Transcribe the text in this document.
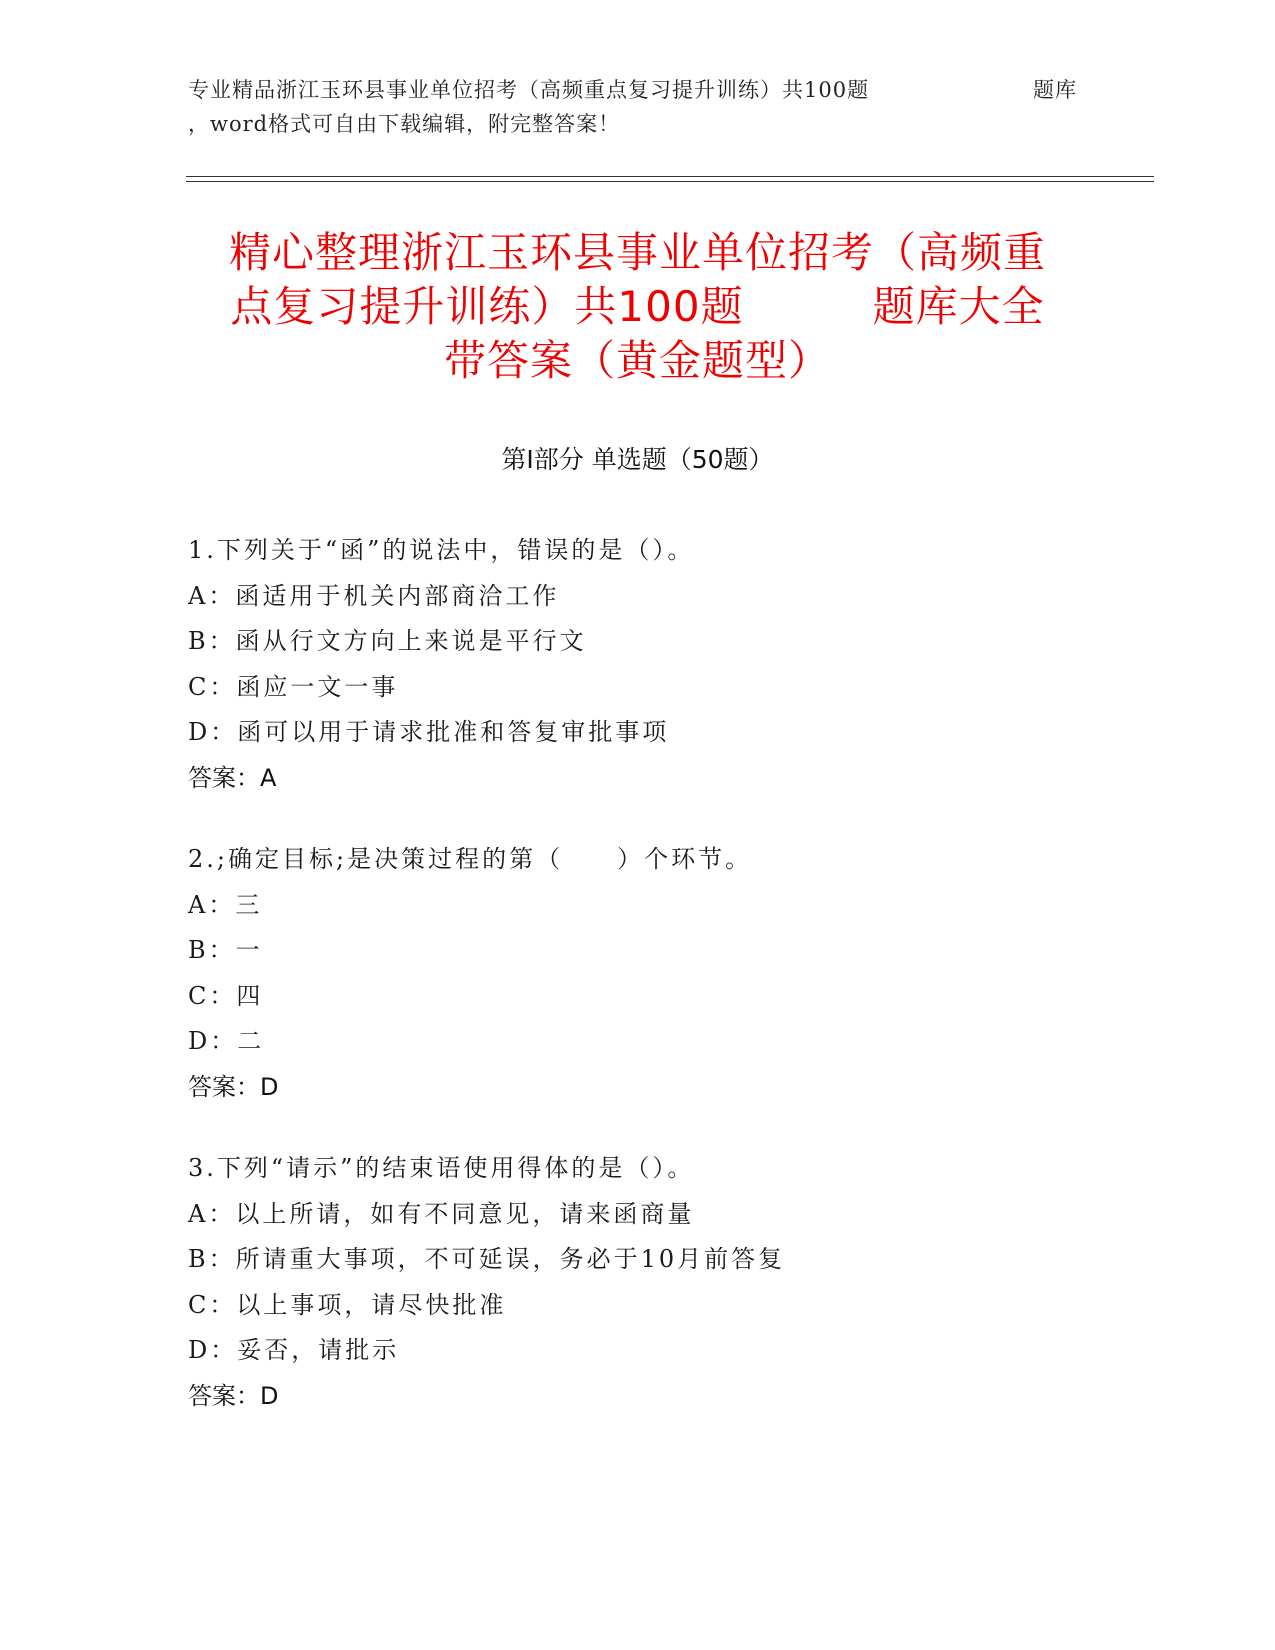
专业精品浙江玉环县事业单位招考（高频重点复习提升训练）共100题	题库
，word格式可自由下载编辑，附完整答案！
精心整理浙江玉环县事业单位招考（高频重
点复习提升训练）共100题　　　题库大全
带答案（黄金题型）
第Ⅰ部分 单选题（50题）
1.下列关于“函”的说法中，错误的是（）。
A：函适用于机关内部商洽工作
B：函从行文方向上来说是平行文
C：函应一文一事
D：函可以用于请求批准和答复审批事项
答案：A
2.;确定目标;是决策过程的第（　　）个环节。
A：三
B：一
C：四
D：二
答案：D
3.下列“请示”的结束语使用得体的是（）。
A：以上所请，如有不同意见，请来函商量
B：所请重大事项，不可延误，务必于10月前答复
C：以上事项，请尽快批准
D：妥否，请批示
答案：D
